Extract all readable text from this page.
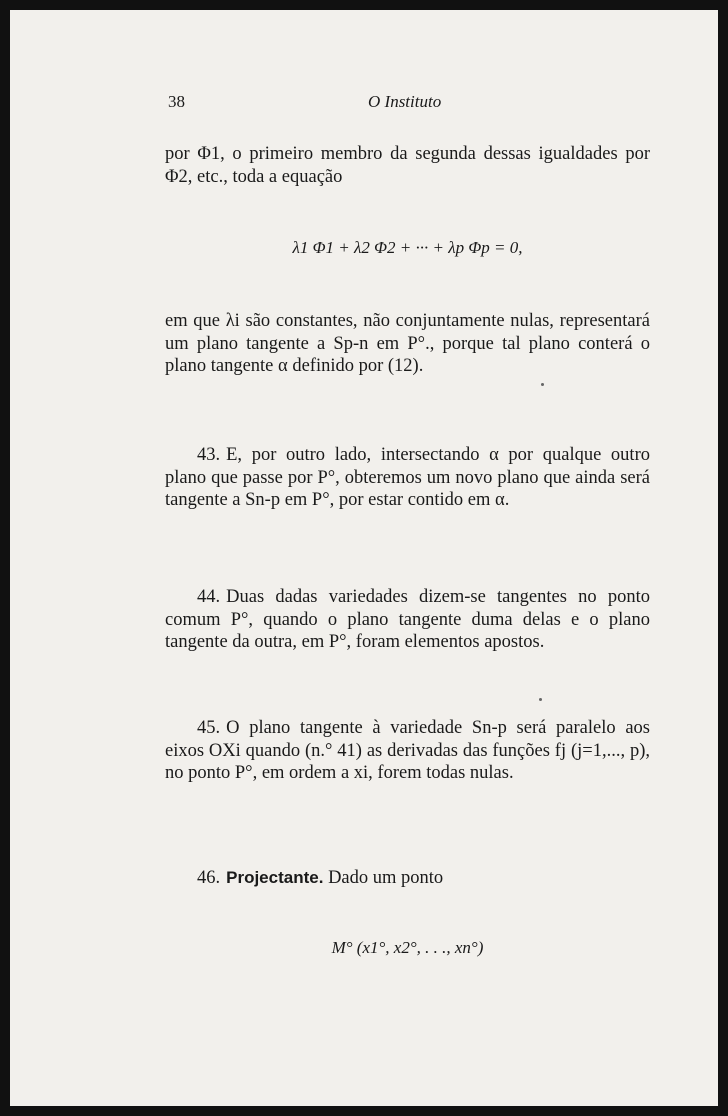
38	O Instituto
por Φ1, o primeiro membro da segunda dessas igualdades por Φ2, etc., toda a equação
λ1 Φ1 + λ2 Φ2 + ··· + λp Φp = 0,
em que λi são constantes, não conjuntamente nulas, representará um plano tangente a Sp-n em P°., porque tal plano conterá o plano tangente α definido por (12).
43. E, por outro lado, intersectando α por qualque outro plano que passe por P°, obteremos um novo plano que ainda será tangente a Sn-p em P°, por estar contido em α.
44. Duas dadas variedades dizem-se tangentes no ponto comum P°, quando o plano tangente duma delas e o plano tangente da outra, em P°, foram elementos apostos.
45. O plano tangente à variedade Sn-p será paralelo aos eixos OXi quando (n.° 41) as derivadas das funções fj (j=1,..., p), no ponto P°, em ordem a xi, forem todas nulas.
46. Projectante. Dado um ponto
M° (x1°, x2°, . . ., xn°)
